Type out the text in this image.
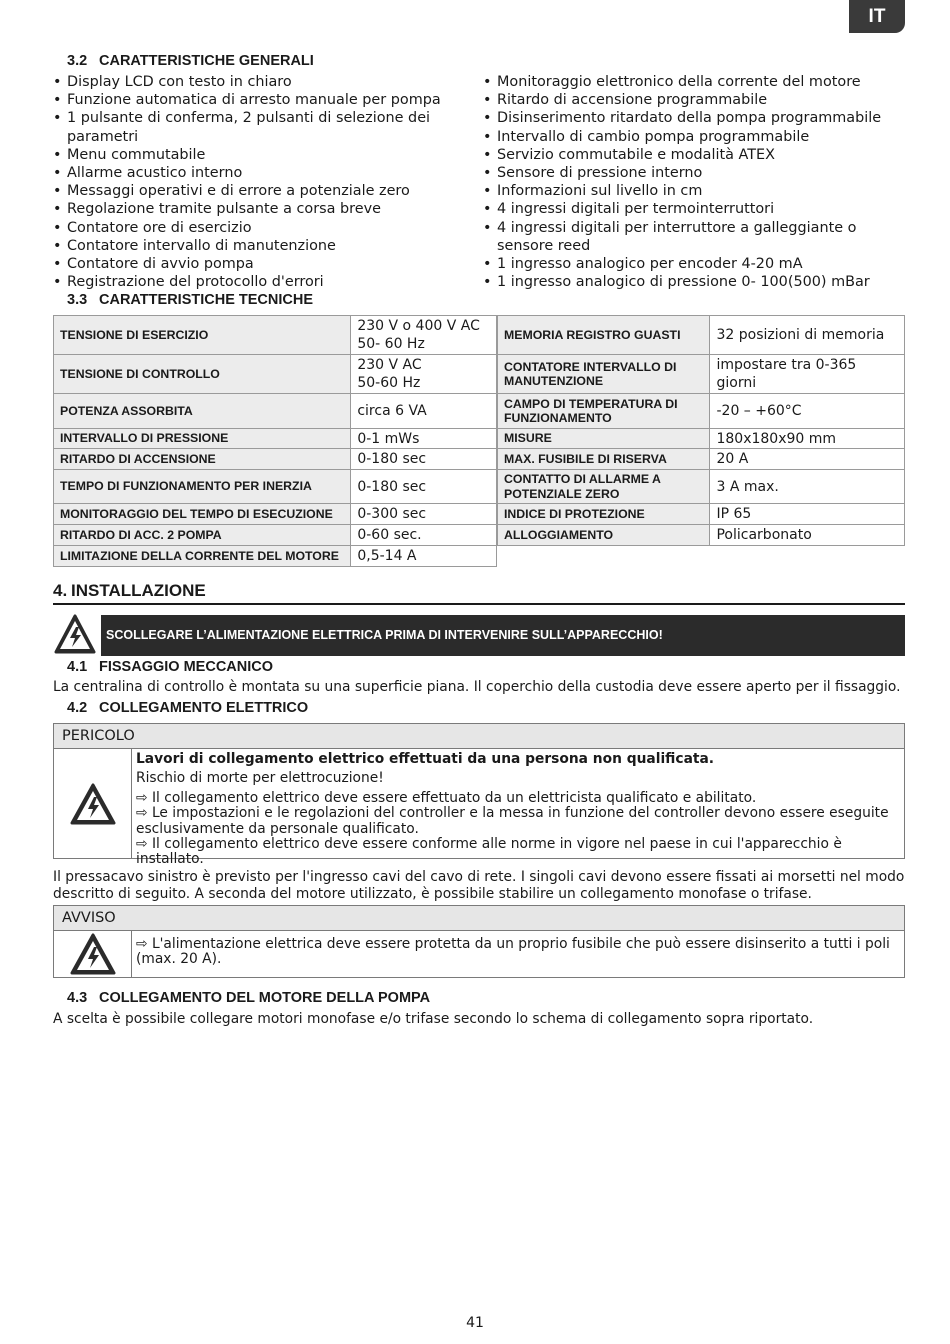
IT
3.2 CARATTERISTICHE GENERALI
• Display LCD con testo in chiaro
• Funzione automatica di arresto manuale per pompa
• 1 pulsante di conferma, 2 pulsanti di selezione dei parametri
• Menu commutabile
• Allarme acustico interno
• Messaggi operativi e di errore a potenziale zero
• Regolazione tramite pulsante a corsa breve
• Contatore ore di esercizio
• Contatore intervallo di manutenzione
• Contatore di avvio pompa
• Registrazione del protocollo d'errori
• Monitoraggio elettronico della corrente del motore
• Ritardo di accensione programmabile
• Disinserimento ritardato della pompa programmabile
• Intervallo di cambio pompa programmabile
• Servizio commutabile e modalità ATEX
• Sensore di pressione interno
• Informazioni sul livello in cm
• 4 ingressi digitali per termointerruttori
• 4 ingressi digitali per interruttore a galleggiante o sensore reed
• 1 ingresso analogico per encoder 4-20 mA
• 1 ingresso analogico di pressione 0- 100(500) mBar
3.3 CARATTERISTICHE TECNICHE
TENSIONE DI ESERCIZIO	230 V o 400 V AC
50- 60 Hz

TENSIONE DI CONTROLLO	230 V AC
50-60 Hz

POTENZA ASSORBITA	circa 6 VA
INTERVALLO DI PRESSIONE	0-1 mWs
RITARDO DI ACCENSIONE	0-180 sec
TEMPO DI FUNZIONAMENTO PER INERZIA	0-180 sec
MONITORAGGIO DEL TEMPO DI ESECUZIONE	0-300 sec
RITARDO DI ACC. 2 POMPA	0-60 sec.
LIMITAZIONE DELLA CORRENTE DEL MOTORE	0,5-14 A
MEMORIA REGISTRO GUASTI	32 posizioni di memoria

CONTATORE INTERVALLO DI
MANUTENZIONE	impostare tra 0-365 giorni

CAMPO DI TEMPERATURA DI
FUNZIONAMENTO	-20 – +60°C

MISURE	180x180x90 mm

MAX. FUSIBILE DI RISERVA	20 A

CONTATTO DI ALLARME A
POTENZIALE ZERO	3 A max.

INDICE DI PROTEZIONE	IP 65

ALLOGGIAMENTO	Policarbonato
4. INSTALLAZIONE
SCOLLEGARE L’ALIMENTAZIONE ELETTRICA PRIMA DI INTERVENIRE SULL’APPARECCHIO!
4.1 FISSAGGIO MECCANICO
La centralina di controllo è montata su una superficie piana. Il coperchio della custodia deve essere aperto per il fissaggio.
4.2 COLLEGAMENTO ELETTRICO
PERICOLO
Lavori di collegamento elettrico effettuati da una persona non qualificata.
Rischio di morte per elettrocuzione!
⇨ Il collegamento elettrico deve essere effettuato da un elettricista qualificato e abilitato.
⇨ Le impostazioni e le regolazioni del controller e la messa in funzione del controller devono essere eseguite esclusivamente da personale qualificato.
⇨ Il collegamento elettrico deve essere conforme alle norme in vigore nel paese in cui l'apparecchio è installato.
Il pressacavo sinistro è previsto per l'ingresso cavi del cavo di rete. I singoli cavi devono essere fissati ai morsetti nel modo descritto di seguito. A seconda del motore utilizzato, è possibile stabilire un collegamento monofase o trifase.
AVVISO
⇨ L'alimentazione elettrica deve essere protetta da un proprio fusibile che può essere disinserito a tutti i poli (max. 20 A).
4.3 COLLEGAMENTO DEL MOTORE DELLA POMPA
A scelta è possibile collegare motori monofase e/o trifase secondo lo schema di collegamento sopra riportato.
41
